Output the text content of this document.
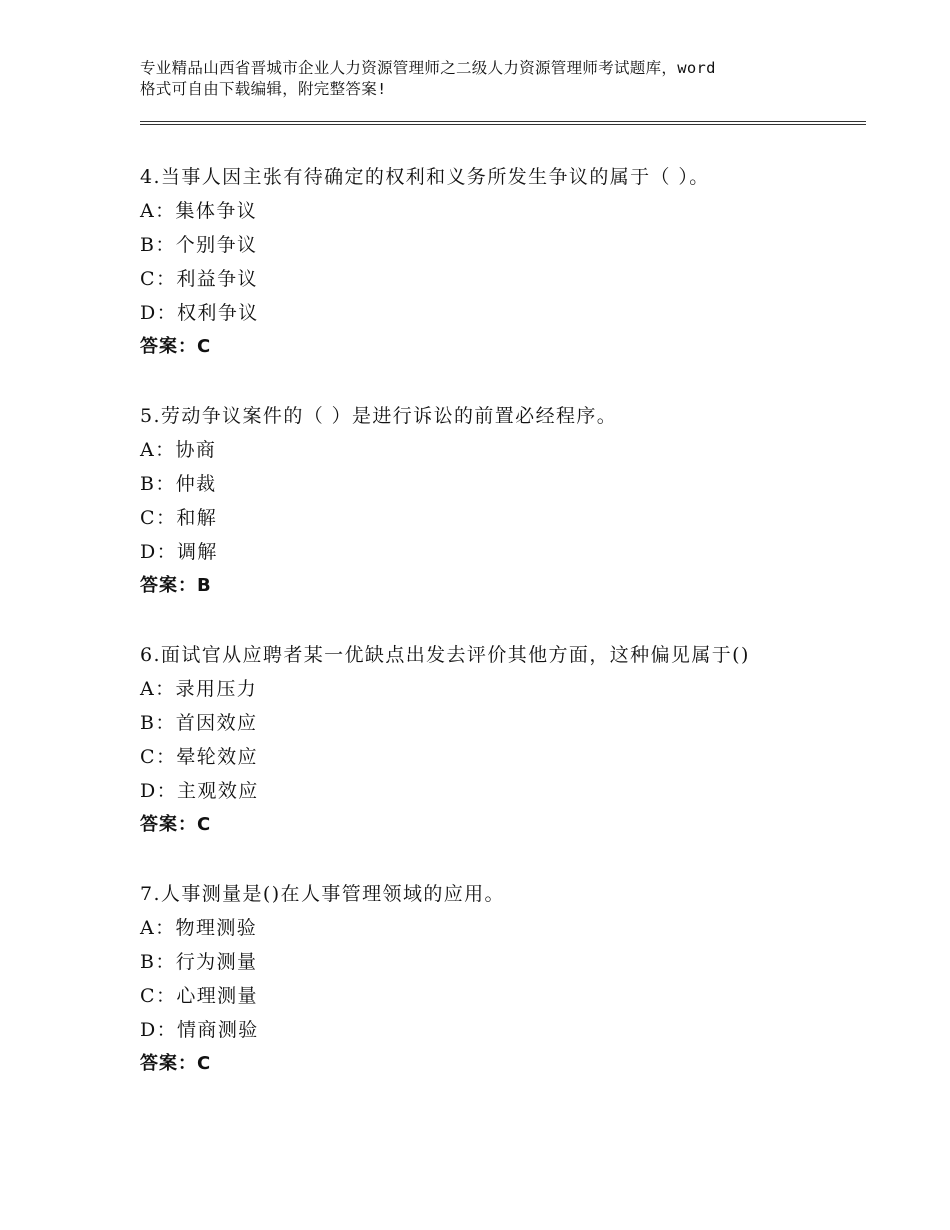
专业精品山西省晋城市企业人力资源管理师之二级人力资源管理师考试题库，word
格式可自由下载编辑，附完整答案!
4.当事人因主张有待确定的权利和义务所发生争议的属于（ ）。
A：集体争议
B：个别争议
C：利益争议
D：权利争议
答案：C
5.劳动争议案件的（ ）是进行诉讼的前置必经程序。
A：协商
B：仲裁
C：和解
D：调解
答案：B
6.面试官从应聘者某一优缺点出发去评价其他方面，这种偏见属于()
A：录用压力
B：首因效应
C：晕轮效应
D：主观效应
答案：C
7.人事测量是()在人事管理领域的应用。
A：物理测验
B：行为测量
C：心理测量
D：情商测验
答案：C
